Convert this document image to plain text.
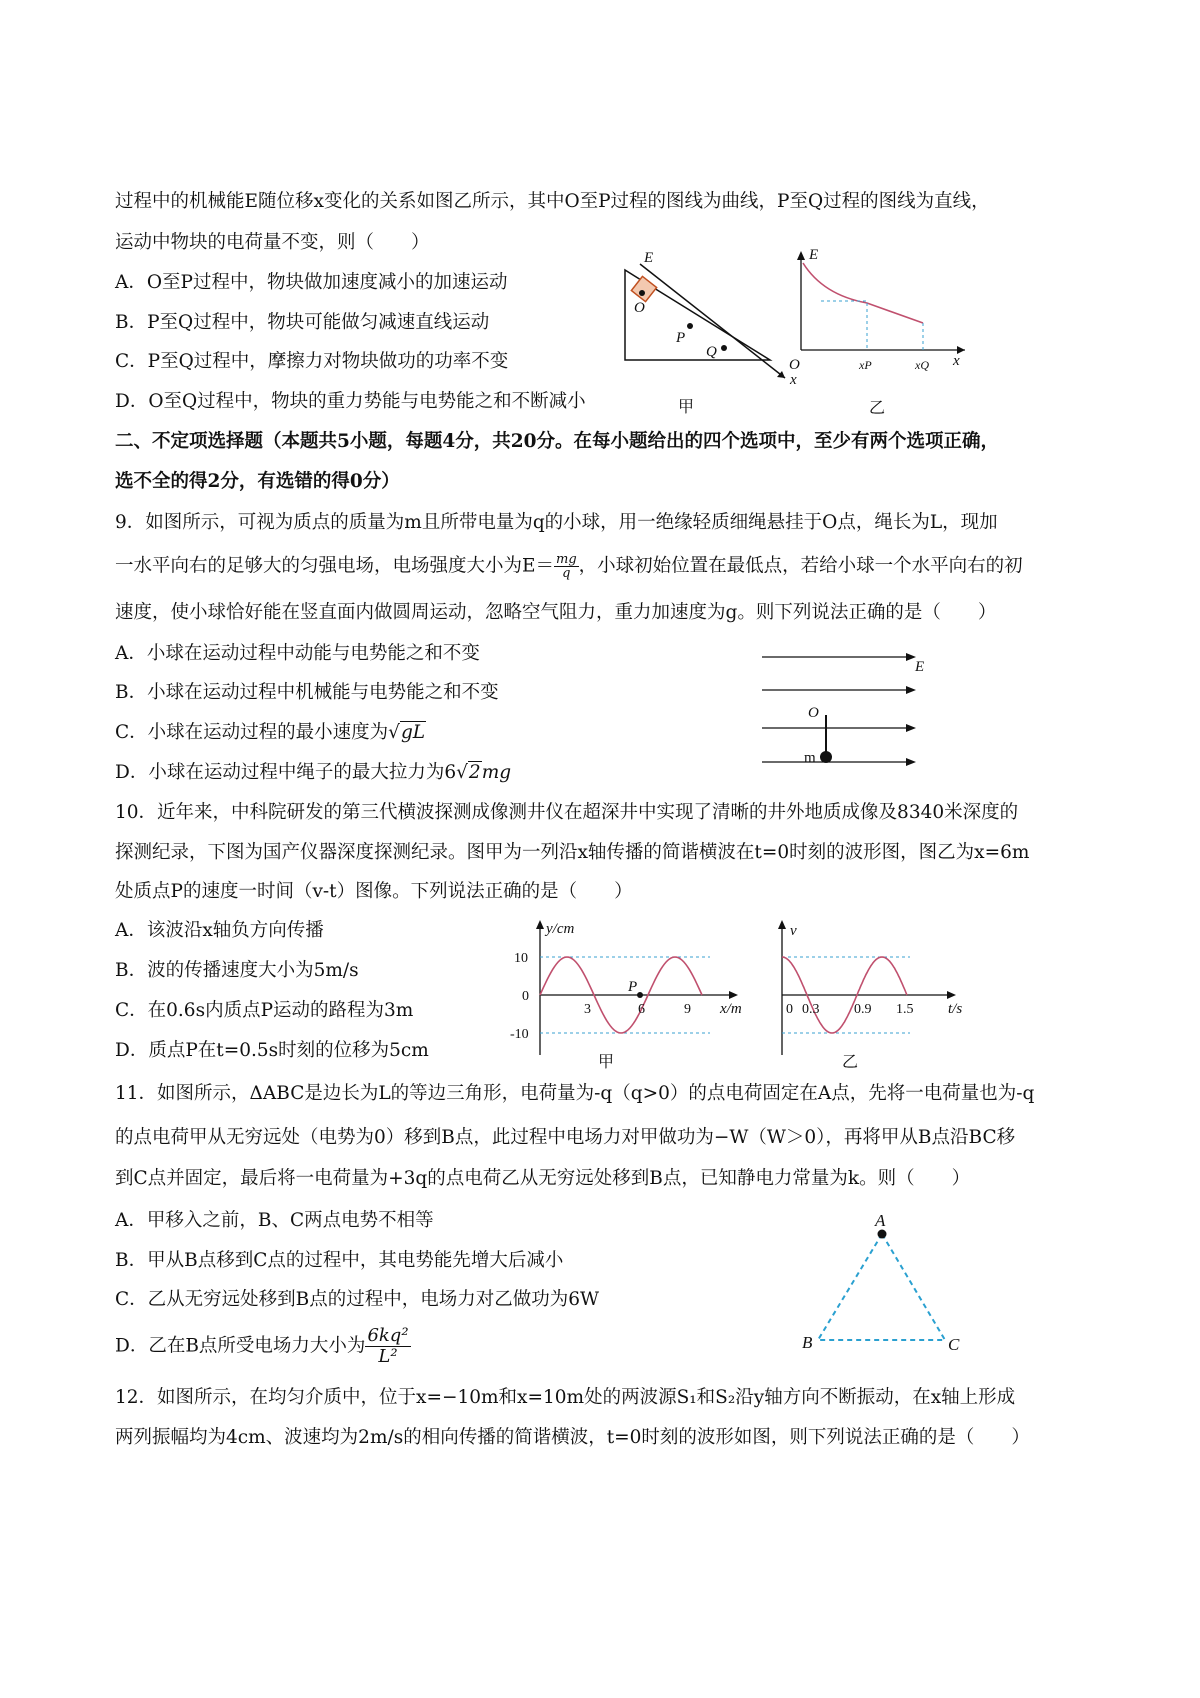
过程中的机械能E随位移x变化的关系如图乙所示，其中O至P过程的图线为曲线，P至Q过程的图线为直线，
运动中物块的电荷量不变，则（　　）
A．O至P过程中，物块做加速度减小的加速运动
B．P至Q过程中，物块可能做匀减速直线运动
C．P至Q过程中，摩擦力对物块做功的功率不变
D．O至Q过程中，物块的重力势能与电势能之和不断减小
E
O
P
Q
x
甲
E
O	x
xP	xQ
乙
二、不定项选择题（本题共5小题，每题4分，共20分。在每小题给出的四个选项中，至少有两个选项正确，
选不全的得2分，有选错的得0分）
9．如图所示，可视为质点的质量为m且所带电量为q的小球，用一绝缘轻质细绳悬挂于O点，绳长为L，现加
一水平向右的足够大的匀强电场，电场强度大小为$E= \frac{mg}{q}$ ，小球初始位置在最低点，若给小球一个水平向右的初
速度，使小球恰好能在竖直面内做圆周运动，忽略空气阻力，重力加速度为g。则下列说法正确的是（　　）
A．小球在运动过程中动能与电势能之和不变
B．小球在运动过程中机械能与电势能之和不变
C．小球在运动过程的最小速度为√gL
D．小球在运动过程中绳子的最大拉力为6√2mg
E
O
m
10．近年来，中科院研发的第三代横波探测成像测井仪在超深井中实现了清晰的井外地质成像及8340米深度的
探测纪录，下图为国产仪器深度探测纪录。图甲为一列沿x轴传播的简谐横波在t=0时刻的波形图，图乙为x=6m
处质点P的速度一时间（v-t）图像。下列说法正确的是（　　）
A．该波沿x轴负方向传播
B．波的传播速度大小为5m/s
C．在0.6s内质点P运动的路程为3m
D．质点P在t=0.5s时刻的位移为5cm
y/cm
x/m
10
0
-10
3	6	9
P
甲
v
t/s
0 0.3 0.9 1.5
乙
11．如图所示，ΔABC是边长为L的等边三角形，电荷量为-q（q>0）的点电荷固定在A点，先将一电荷量也为-q
的点电荷甲从无穷远处（电势为0）移到B点，此过程中电场力对甲做功为−W（W＞0），再将甲从B点沿BC移
到C点并固定，最后将一电荷量为+3q的点电荷乙从无穷远处移到B点，已知静电力常量为k。则（　　）
A．甲移入之前，B、C两点电势不相等
B．甲从B点移到C点的过程中，其电势能先增大后减小
C．乙从无穷远处移到B点的过程中，电场力对乙做功为6W
D．乙在B点所受电场力大小为 $\frac{\text{6kq²}}{\text{L²}}$
A
B	C
12．如图所示，在均匀介质中，位于x=−10m和x=10m处的两波源S₁和S₂沿y轴方向不断振动，在x轴上形成
两列振幅均为4cm、波速均为2m/s的相向传播的简谐横波，t=0时刻的波形如图，则下列说法正确的是（　　）
